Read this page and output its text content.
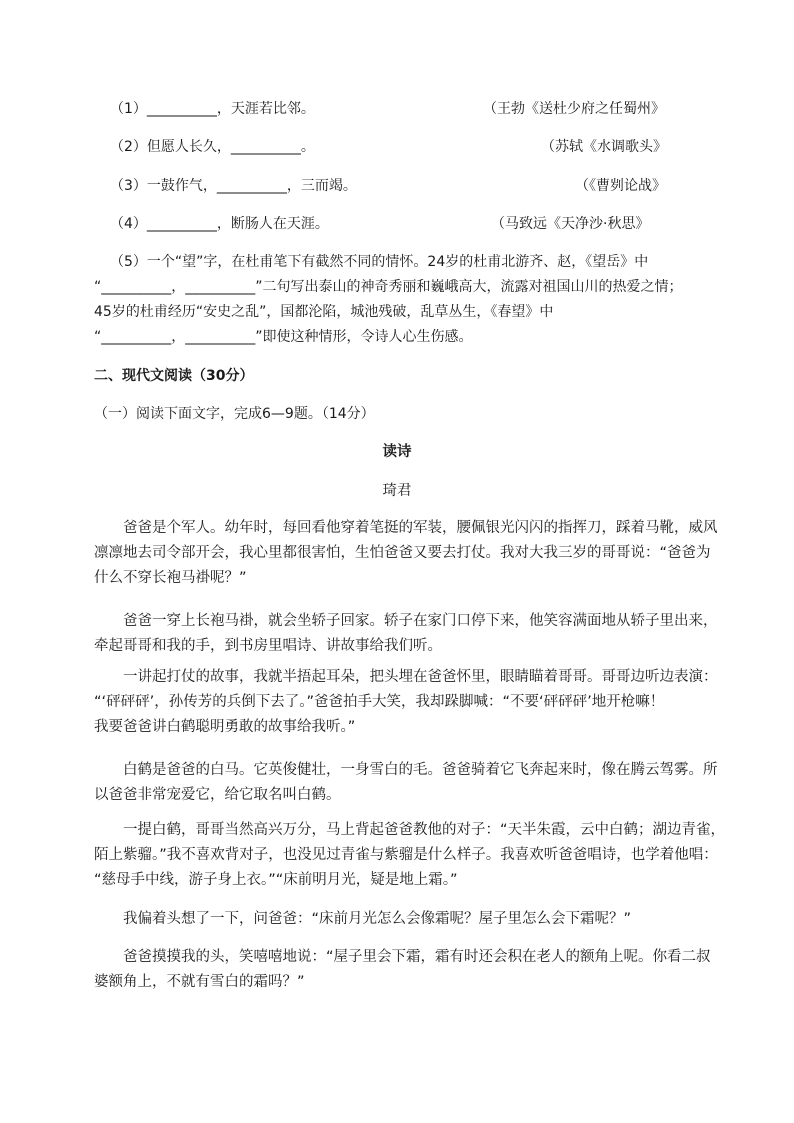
（1）__________，天涯若比邻。	（王勃《送杜少府之任蜀州》
（2）但愿人长久，__________。	（苏轼《水调歌头》
（3）一鼓作气，__________，三而竭。	（《曹刿论战》
（4）__________，断肠人在天涯。	（马致远《天净沙·秋思》
（5）一个“望”字，在杜甫笔下有截然不同的情怀。24岁的杜甫北游齐、赵，《望岳》中
“__________，__________”二句写出泰山的神奇秀丽和巍峨高大，流露对祖国山川的热爱之情；
45岁的杜甫经历“安史之乱”，国都沦陷，城池残破，乱草丛生，《春望》中
“__________，__________”即使这种情形，令诗人心生伤感。
二、现代文阅读（30分）
（一）阅读下面文字，完成6—9题。（14分）
读诗
琦君
　　爸爸是个军人。幼年时，每回看他穿着笔挺的军装，腰佩银光闪闪的指挥刀，踩着马靴，威风
凛凛地去司令部开会，我心里都很害怕，生怕爸爸又要去打仗。我对大我三岁的哥哥说：“爸爸为
什么不穿长袍马褂呢？”
　　爸爸一穿上长袍马褂，就会坐轿子回家。轿子在家门口停下来，他笑容满面地从轿子里出来，
牵起哥哥和我的手，到书房里唱诗、讲故事给我们听。
　　一讲起打仗的故事，我就半捂起耳朵，把头埋在爸爸怀里，眼睛瞄着哥哥。哥哥边听边表演：
“‘砰砰砰’，孙传芳的兵倒下去了。”爸爸拍手大笑，我却跺脚喊：“不要‘砰砰砰’地开枪嘛！
我要爸爸讲白鹤聪明勇敢的故事给我听。”
　　白鹤是爸爸的白马。它英俊健壮，一身雪白的毛。爸爸骑着它飞奔起来时，像在腾云驾雾。所
以爸爸非常宠爱它，给它取名叫白鹤。
　　一提白鹤，哥哥当然高兴万分，马上背起爸爸教他的对子：“天半朱霞，云中白鹤；湖边青雀，
陌上紫骝。”我不喜欢背对子，也没见过青雀与紫骝是什么样子。我喜欢听爸爸唱诗，也学着他唱：
“慈母手中线，游子身上衣。”“床前明月光，疑是地上霜。”
　　我偏着头想了一下，问爸爸：“床前月光怎么会像霜呢？屋子里怎么会下霜呢？”
　　爸爸摸摸我的头，笑嘻嘻地说：“屋子里会下霜，霜有时还会积在老人的额角上呢。你看二叔
婆额角上，不就有雪白的霜吗？”
